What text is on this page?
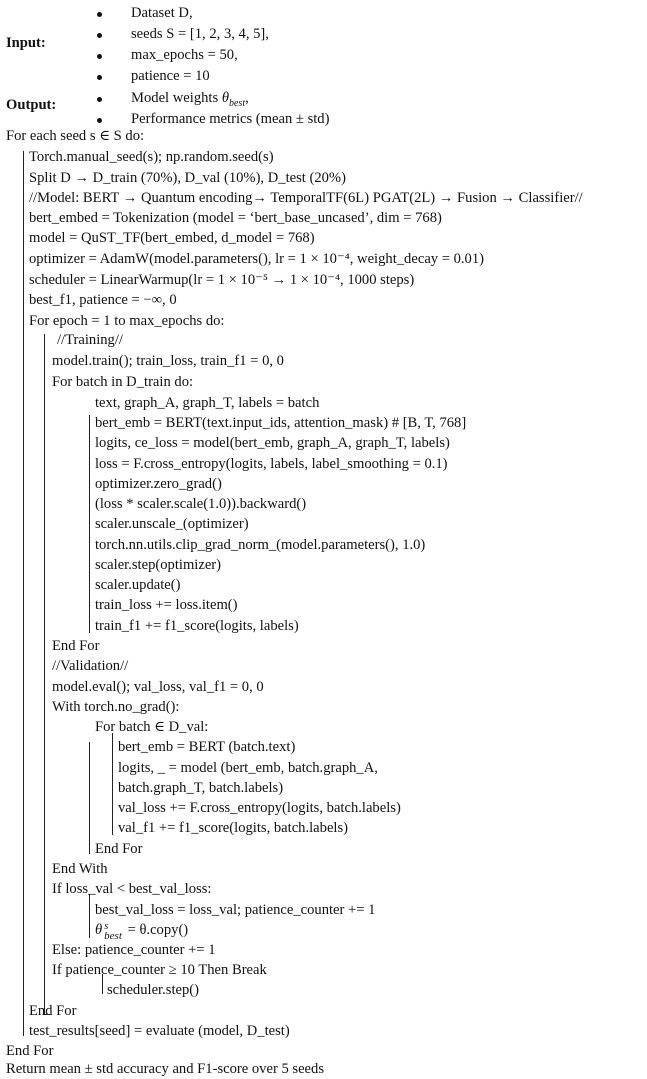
Input:
Output:
Dataset D,
seeds S = [1, 2, 3, 4, 5],
max_epochs = 50,
patience = 10
Model weights $\theta_{best}$,
Performance metrics (mean ± std)
For each seed s ∈ S do:
Torch.manual_seed(s); np.random.seed(s)
Split D → D_train (70%), D_val (10%), D_test (20%)
//Model: BERT → Quantum encoding→ TemporalTF(6L) PGAT(2L) → Fusion → Classifier//
bert_embed = Tokenization (model = ‘bert_base_uncased’, dim = 768)
model = QuST_TF(bert_embed, d_model = 768)
optimizer = AdamW(model.parameters(), lr = 1 × 10⁻⁴, weight_decay = 0.01)
scheduler = LinearWarmup(lr = 1 × 10⁻⁵ → 1 × 10⁻⁴, 1000 steps)
best_f1, patience = −∞, 0
For epoch = 1 to max_epochs do:
//Training//
model.train(); train_loss, train_f1 = 0, 0
For batch in D_train do:
text, graph_A, graph_T, labels = batch
bert_emb = BERT(text.input_ids, attention_mask) # [B, T, 768]
logits, ce_loss = model(bert_emb, graph_A, graph_T, labels)
loss = F.cross_entropy(logits, labels, label_smoothing = 0.1)
optimizer.zero_grad()
(loss * scaler.scale(1.0)).backward()
scaler.unscale_(optimizer)
torch.nn.utils.clip_grad_norm_(model.parameters(), 1.0)
scaler.step(optimizer)
scaler.update()
train_loss += loss.item()
train_f1 += f1_score(logits, labels)
End For
//Validation//
model.eval(); val_loss, val_f1 = 0, 0
With torch.no_grad():
For batch ∈ D_val:
bert_emb = BERT (batch.text)
logits, _ = model (bert_emb, batch.graph_A,
batch.graph_T, batch.labels)
val_loss += F.cross_entropy(logits, batch.labels)
val_f1 += f1_score(logits, batch.labels)
End For
End With
If loss_val < best_val_loss:
best_val_loss = loss_val; patience_counter += 1
θ s
best = θ.copy()
Else: patience_counter += 1
If patience_counter ≥ 10 Then Break
scheduler.step()
End For
test_results[seed] = evaluate (model, D_test)
End For
Return mean ± std accuracy and F1-score over 5 seeds
